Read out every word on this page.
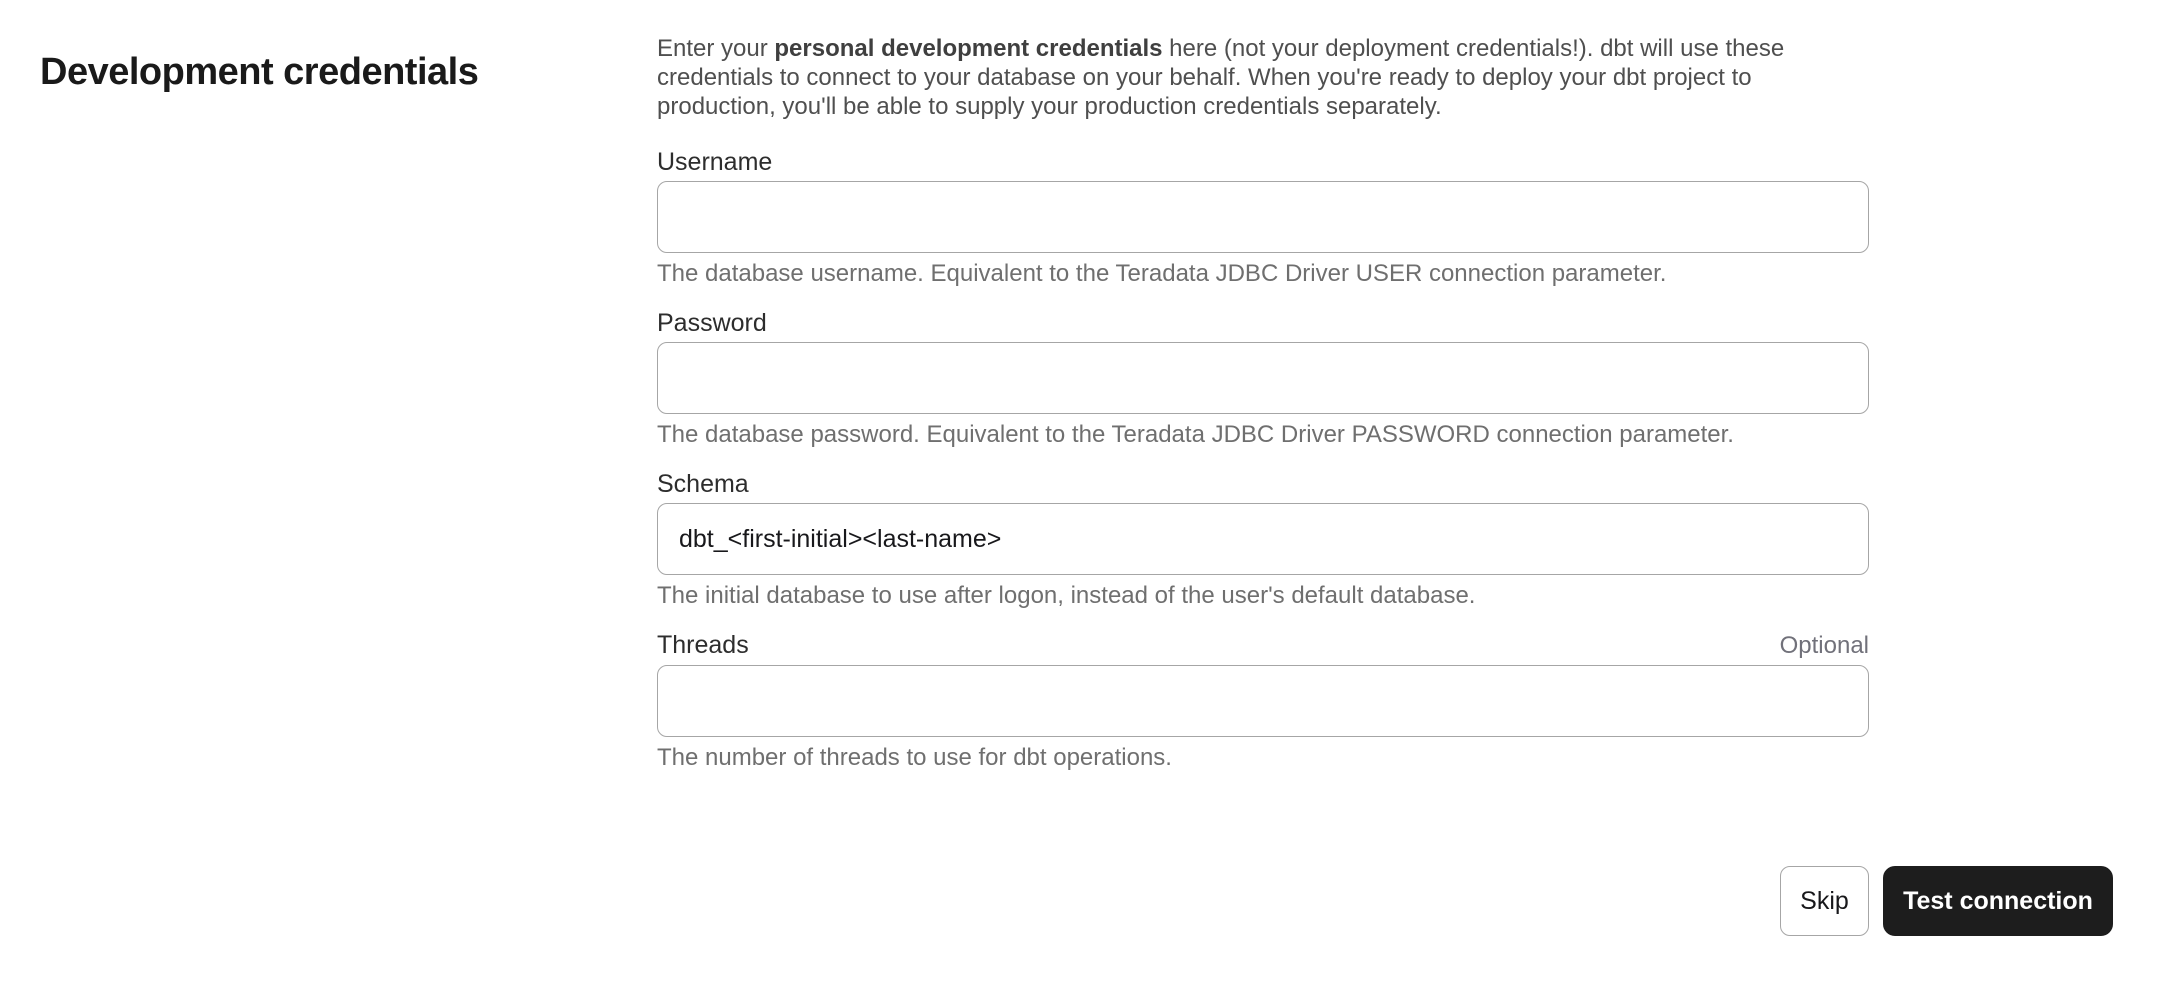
Development credentials

Enter your personal development credentials here (not your deployment credentials!). dbt will use these credentials to connect to your database on your behalf. When you're ready to deploy your dbt project to production, you'll be able to supply your production credentials separately.

Username
The database username. Equivalent to the Teradata JDBC Driver USER connection parameter.
Password
The database password. Equivalent to the Teradata JDBC Driver PASSWORD connection parameter.
Schema
dbt_<first-initial><last-name>
The initial database to use after logon, instead of the user's default database.
Threads	Optional
The number of threads to use for dbt operations.
Skip	Test connection
